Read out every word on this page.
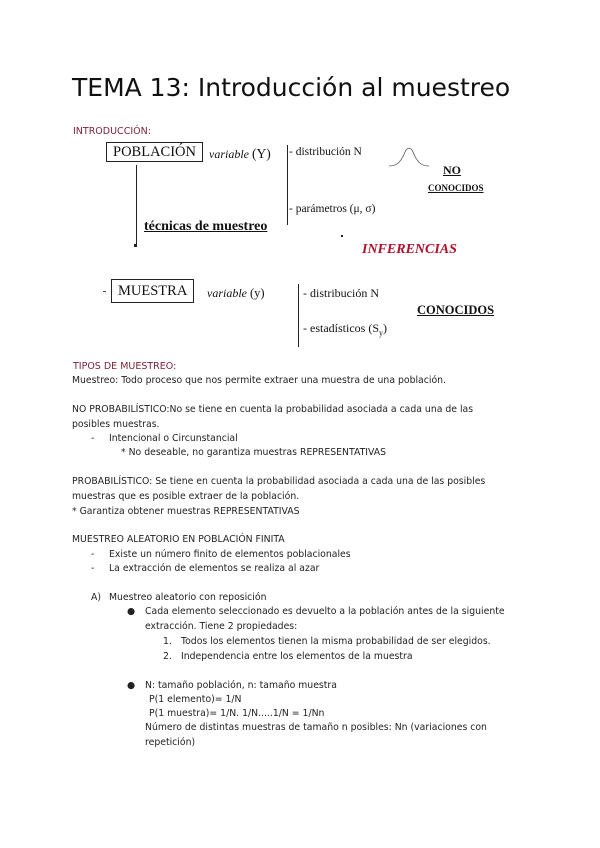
TEMA 13: Introducción al muestreo
INTRODUCCIÓN:
POBLACIÓN	variable (Y) - distribución N
- parámetros (μ, σ)
NO
CONOCIDOS
técnicas de muestreo
INFERENCIAS
MUESTRA	variable (y)	- distribución N
- estadísticos $(S_y)$
CONOCIDOS
TIPOS DE MUESTREO:
Muestreo: Todo proceso que nos permite extraer una muestra de una población.
NO PROBABILÍSTICO:No se tiene en cuenta la probabilidad asociada a cada una de las
posibles muestras.
- Intencional o Circunstancial
* No deseable, no garantiza muestras REPRESENTATIVAS
PROBABILÍSTICO: Se tiene en cuenta la probabilidad asociada a cada una de las posibles
muestras que es posible extraer de la población.
* Garantiza obtener muestras REPRESENTATIVAS
MUESTREO ALEATORIO EN POBLACIÓN FINITA
- Existe un número finito de elementos poblacionales
- La extracción de elementos se realiza al azar
A) Muestreo aleatorio con reposición
● Cada elemento seleccionado es devuelto a la población antes de la siguiente
extracción. Tiene 2 propiedades:
1. Todos los elementos tienen la misma probabilidad de ser elegidos.
2. Independencia entre los elementos de la muestra
● N: tamaño población, n: tamaño muestra
P(1 elemento)= 1/N
P(1 muestra)= 1/N. 1/N.....1/N = 1/Nn
Número de distintas muestras de tamaño n posibles: Nn (variaciones con
repetición)
